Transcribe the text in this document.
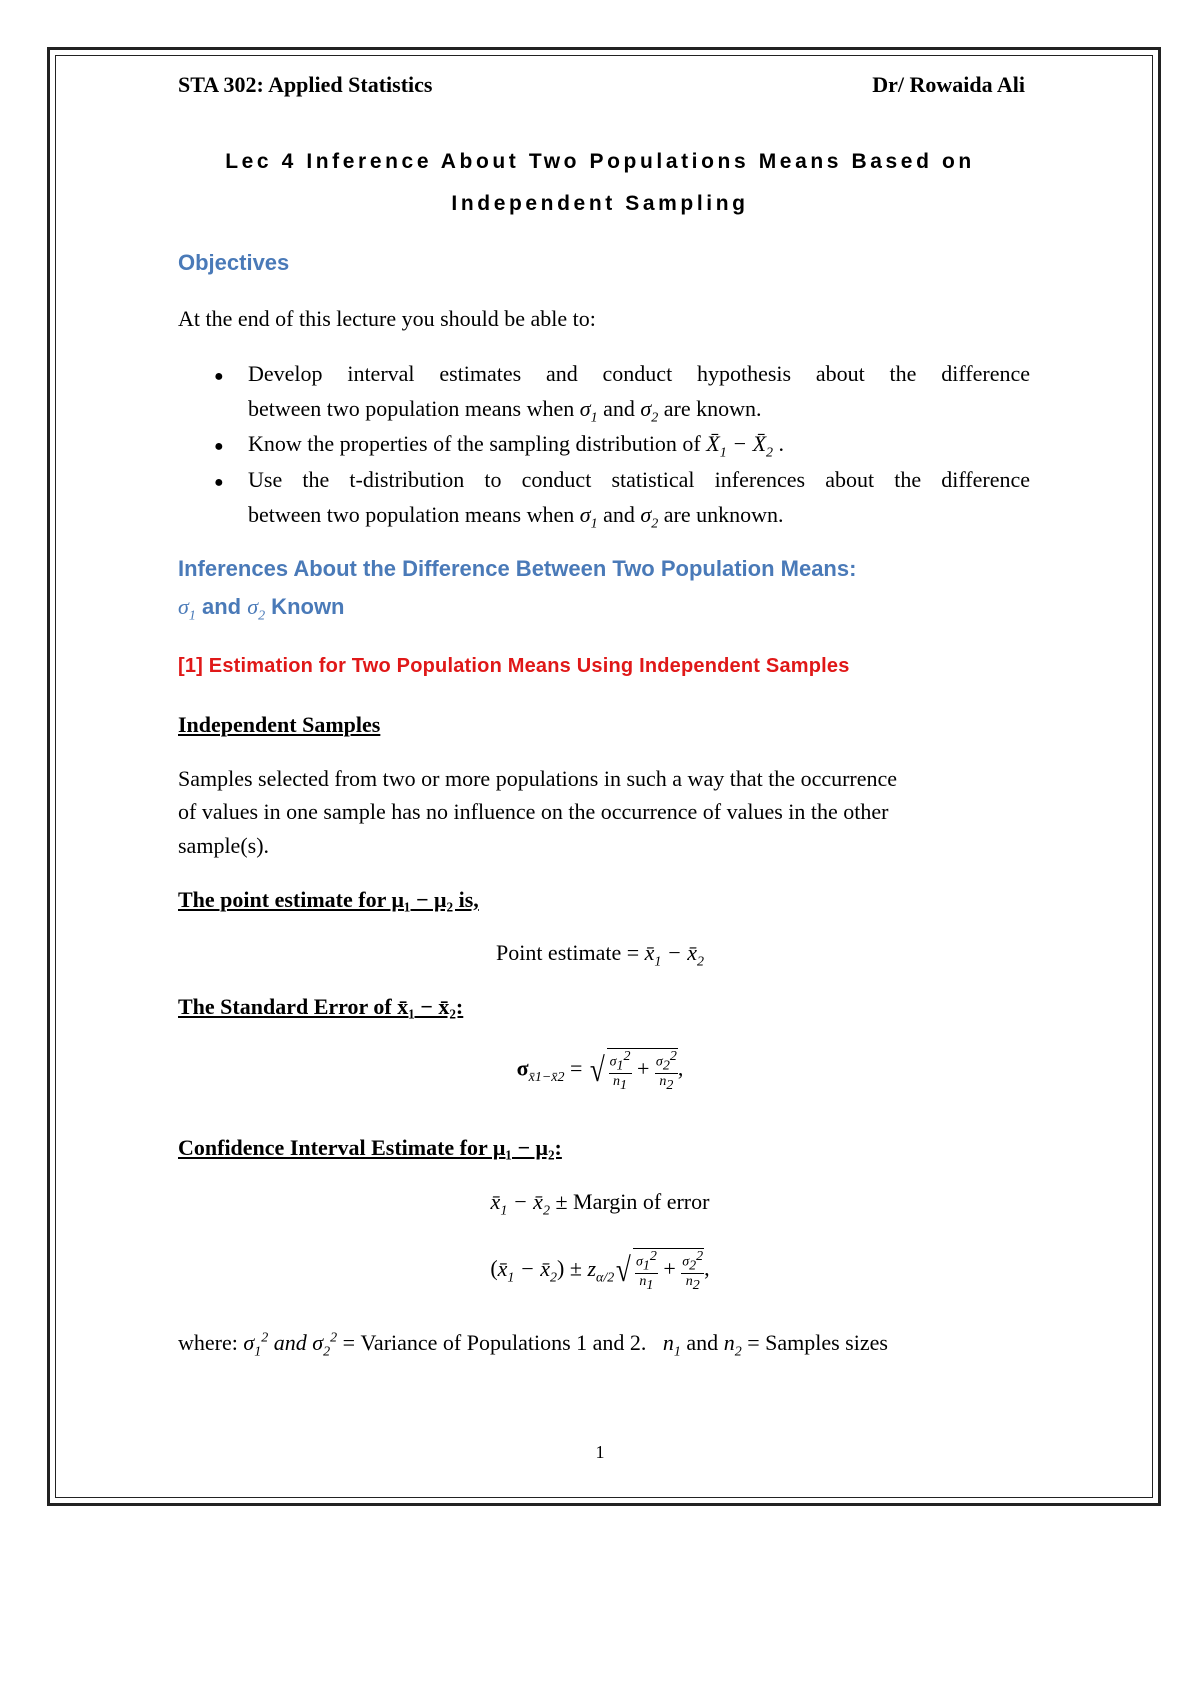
STA 302: Applied Statistics	Dr/ Rowaida Ali
Lec 4 Inference About Two Populations Means Based on
Independent Sampling
Objectives
At the end of this lecture you should be able to:
● Develop interval estimates and conduct hypothesis about the difference
between two population means when $\sigma_1$ and $\sigma_2$ are known.
● Know the properties of the sampling distribution of $X̄_1$ − $X̄_2$ .
● Use the t-distribution to conduct statistical inferences about the difference
between two population means when $\sigma_1$ and $\sigma_2$ are unknown.
Inferences About the Difference Between Two Population Means:
$\sigma_1$ and $\sigma_2$ Known
[1] Estimation for Two Population Means Using Independent Samples
Independent Samples
Samples selected from two or more populations in such a way that the occurrence
of values in one sample has no influence on the occurrence of values in the other
sample(s).
The point estimate for μ₁ − μ₂ is,
Point estimate = $x̄_1$ − $x̄_2$
The Standard Error of x̄₁ − x̄₂:
$\sigma_{x̄1-x̄2}$ = √ $\frac{\sigma_1^2}{n_1} + \frac{\sigma_2^2}{n_2}$ ,
Confidence Interval Estimate for μ₁ − μ₂:
$x̄_1$ − $x̄_2$ ± Margin of error
($x̄_1$ − $x̄_2) \pm z_{\alpha/2}√ \frac{\sigma_1^2}{n_1} + \frac{\sigma_2^2}{n_2}$ ,
where: $\sigma_1^2$ and $\sigma_2^2$ = Variance of Populations 1 and 2. $n_1$ and $n_2$ = Samples sizes
1
